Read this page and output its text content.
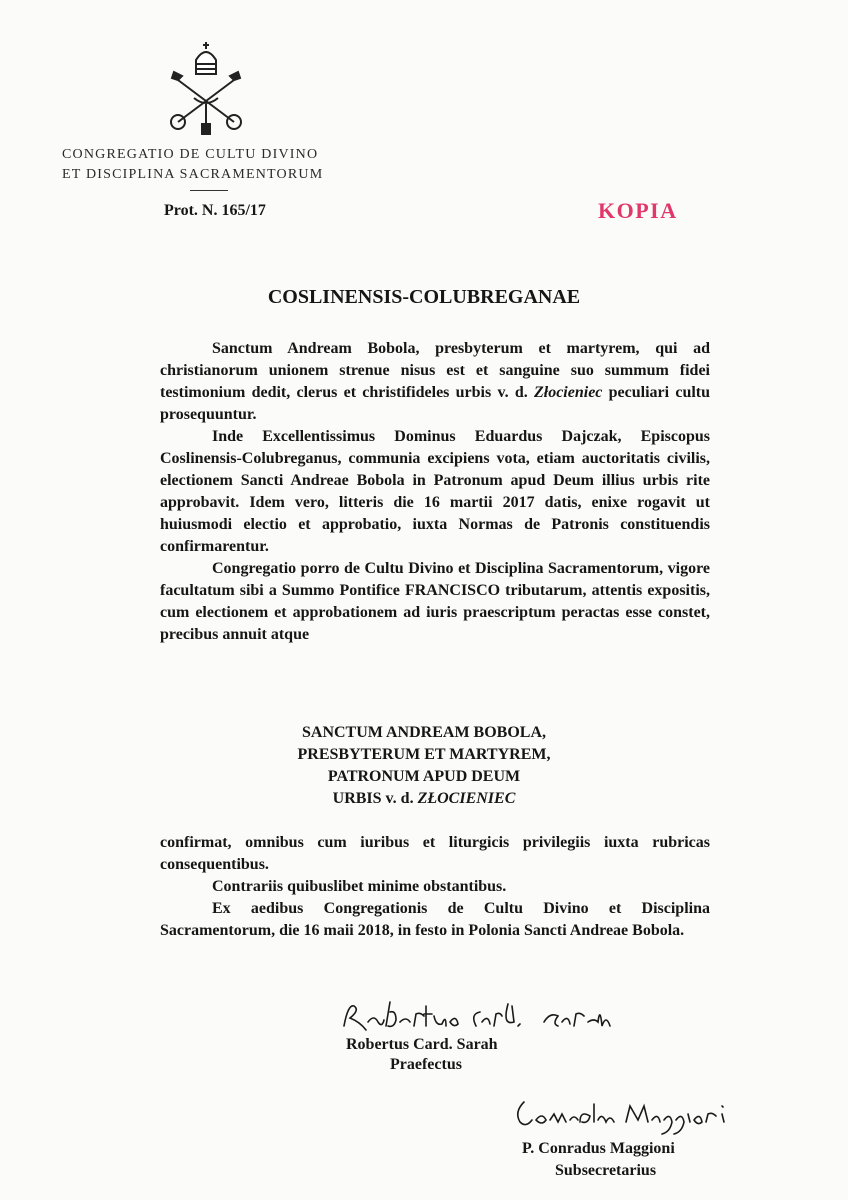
CONGREGATIO DE CULTU DIVINO
ET DISCIPLINA SACRAMENTORUM
Prot. N. 165/17	KOPIA
COSLINENSIS-COLUBREGANAE

Sanctum Andream Bobola, presbyterum et martyrem, qui ad christianorum unionem strenue nisus est et sanguine suo summum fidei testimonium dedit, clerus et christifideles urbis v. d. Złocieniec peculiari cultu prosequuntur.

Inde Excellentissimus Dominus Eduardus Dajczak, Episcopus Coslinensis-Colubreganus, communia excipiens vota, etiam auctoritatis civilis, electionem Sancti Andreae Bobola in Patronum apud Deum illius urbis rite approbavit. Idem vero, litteris die 16 martii 2017 datis, enixe rogavit ut huiusmodi electio et approbatio, iuxta Normas de Patronis constituendis confirmarentur.

Congregatio porro de Cultu Divino et Disciplina Sacramentorum, vigore facultatum sibi a Summo Pontifice FRANCISCO tributarum, attentis expositis, cum electionem et approbationem ad iuris praescriptum peractas esse constet, precibus annuit atque

SANCTUM ANDREAM BOBOLA,
PRESBYTERUM ET MARTYREM,
PATRONUM APUD DEUM
URBIS v. d. ZŁOCIENIEC

confirmat, omnibus cum iuribus et liturgicis privilegiis iuxta rubricas consequentibus.

Contrariis quibuslibet minime obstantibus.

Ex aedibus Congregationis de Cultu Divino et Disciplina Sacramentorum, die 16 maii 2018, in festo in Polonia Sancti Andreae Bobola.

Robertus Card. Sarah
Praefectus
P. Conradus Maggioni
Subsecretarius
